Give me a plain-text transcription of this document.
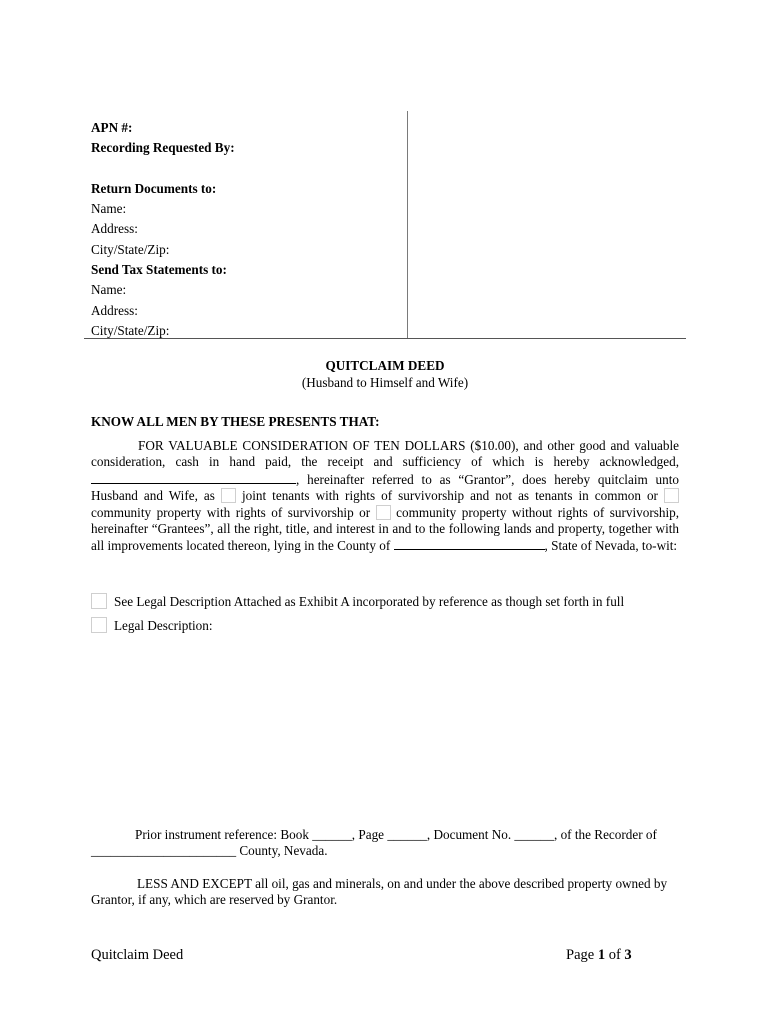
APN #:
Recording Requested By:
Return Documents to:
Name:
Address:
City/State/Zip:
Send Tax Statements to:
Name:
Address:
City/State/Zip:
QUITCLAIM DEED
(Husband to Himself and Wife)
KNOW ALL MEN BY THESE PRESENTS THAT:

FOR VALUABLE CONSIDERATION OF TEN DOLLARS ($10.00), and other good and valuable consideration, cash in hand paid, the receipt and sufficiency of which is hereby acknowledged, , hereinafter referred to as “Grantor”, does hereby quitclaim unto Husband and Wife, as  joint tenants with rights of survivorship and not as tenants in common or  community property with rights of survivorship or  community property without rights of survivorship, hereinafter “Grantees”, all the right, title, and interest in and to the following lands and property, together with all improvements located thereon, lying in the County of	, State of Nevada, to-wit:

See Legal Description Attached as Exhibit A incorporated by reference as though set forth in full
Legal Description:

Prior instrument reference: Book ______, Page ______, Document No. ______, of the Recorder of

______________________ County, Nevada.

LESS AND EXCEPT all oil, gas and minerals, on and under the above described property owned by Grantor, if any, which are reserved by Grantor.

Quitclaim Deed	Page 1 of 3
